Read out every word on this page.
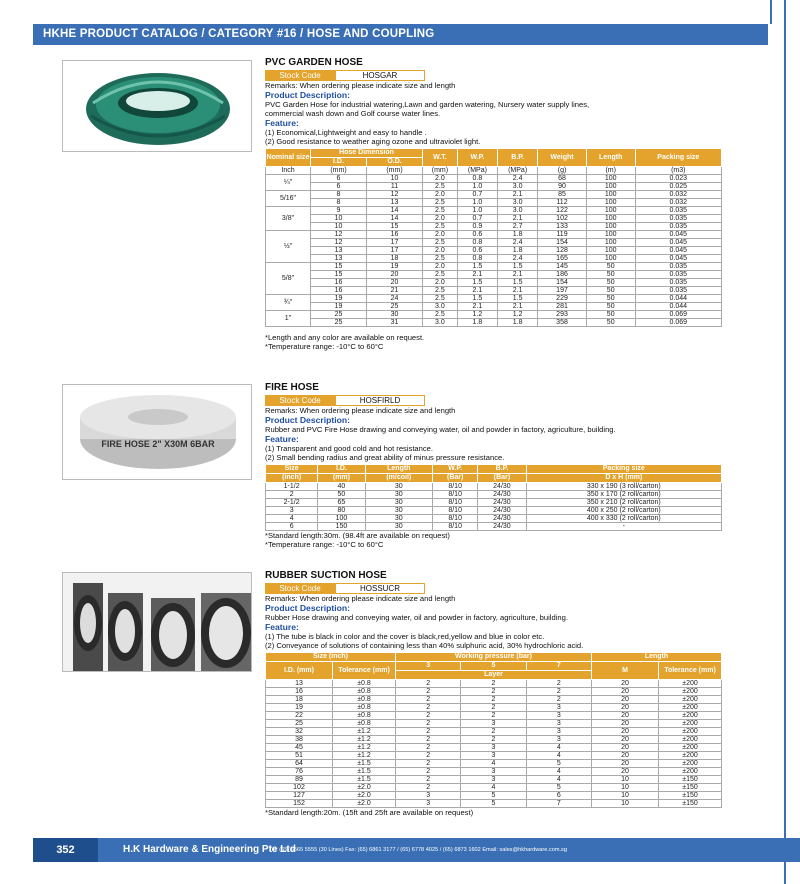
HKHE PRODUCT CATALOG / CATEGORY #16 / HOSE AND COUPLING
PVC GARDEN HOSE
Stock Code	HOSGAR
Remarks: When ordering please indicate size and length
Product Description:
PVC Garden Hose for industrial watering,Lawn and garden watering, Nursery water supply lines,
commercial wash down and Golf course water lines.
Feature:
(1) Economical,Lightweight and easy to handle .
(2) Good resistance to weather aging ozone and ultraviolet light.
Nominal size	Hose Dimension		W.T.	W.P.	B.P.	Weight	Length	Packing size
	I.D.	O.D.						
Inch	(mm)	(mm)	(mm)	(MPa)	(MPa)	(g)	(m)	(m3)
¼"	6	10	2.0	0.8	2.4	68	100	0.023
	6	11	2.5	1.0	3.0	90	100	0.025
5/16"	8	12	2.0	0.7	2.1	85	100	0.032
	8	13	2.5	1.0	3.0	112	100	0.032
3/8"	9	14	2.5	1.0	3.0	122	100	0.035
	10	14	2.0	0.7	2.1	102	100	0.035
	10	15	2.5	0.9	2.7	133	100	0.035
½"	12	16	2.0	0.6	1.8	119	100	0.045
	12	17	2.5	0.8	2.4	154	100	0.045
	13	17	2.0	0.6	1.8	128	100	0.045
	13	18	2.5	0.8	2.4	165	100	0.045
5/8"	15	19	2.0	1.5	1.5	145	50	0.035
	15	20	2.5	2.1	2.1	186	50	0.035
	16	20	2.0	1.5	1.5	154	50	0.035
	16	21	2.5	2.1	2.1	197	50	0.035
¾"	19	24	2.5	1.5	1.5	229	50	0.044
	19	25	3.0	2.1	2.1	281	50	0.044
1"	25	30	2.5	1.2	1.2	293	50	0.069
	25	31	3.0	1.8	1.8	358	50	0.069
*Length and any color are available on request.
*Temperature range: -10°C to 60°C
FIRE HOSE 2" X30M 6BAR
FIRE HOSE
Stock Code	HOSFIRLD
Remarks: When ordering please indicate size and length
Product Description:
Rubber and PVC Fire Hose drawing and conveying water, oil and powder in factory, agriculture, building.
Feature:
(1) Transparent and good cold and hot resistance.
(2) Small bending radius and great ability of minus pressure resistance.
Size	I.D.	Length	W.P.	B.P.	Packing size
(inch)	(mm)	(m/coil)	(Bar)	(Bar)	D x H (mm)
1-1/2	40	30	8/10	24/30	330 x 190 (3 roll/carton)
2	50	30	8/10	24/30	350 x 170 (2 roll/carton)
2-1/2	65	30	8/10	24/30	350 x 210 (2 roll/carton)
3	80	30	8/10	24/30	400 x 250 (2 roll/carton)
4	100	30	8/10	24/30	400 x 330 (2 roll/carton)
6	150	30	8/10	24/30	-
*Standard length:30m. (98.4ft are available on request)
*Temperature range: -10°C to 60°C
RUBBER SUCTION HOSE
Stock Code	HOSSUCR
Remarks: When ordering please indicate size and length
Product Description:
Rubber Hose drawing and conveying water, oil and powder in factory, agriculture, building.
Feature:
(1) The tube is black in color and the cover is black,red,yellow and blue in color etc.
(2) Conveyance of solutions of containing less than 40% sulphuric acid, 30% hydrochloric acid.
Size (inch)		Working pressure (bar)			Length	
I.D. (mm)	Tolerance (mm)	3	5	7	M	Tolerance (mm)
		Layer				
13	±0.8	2	2	2	20	±200
16	±0.8	2	2	2	20	±200
18	±0.8	2	2	2	20	±200
19	±0.8	2	2	3	20	±200
22	±0.8	2	2	3	20	±200
25	±0.8	2	3	3	20	±200
32	±1.2	2	2	3	20	±200
38	±1.2	2	2	3	20	±200
45	±1.2	2	3	4	20	±200
51	±1.2	2	3	4	20	±200
64	±1.5	2	4	5	20	±200
76	±1.5	2	3	4	20	±200
89	±1.5	2	3	4	10	±150
102	±2.0	2	4	5	10	±150
127	±2.0	3	5	6	10	±150
152	±2.0	3	5	7	10	±150
*Standard length:20m. (15ft and 25ft are available on request)
352	H.K Hardware & Engineering Pte Ltd
Tel: (65) 6565 5555 (30 Lines) Fax: (65) 6861 3177 / (65) 6778 4025 / (65) 6873 1602 Email: sales@hkhardware.com.sg
